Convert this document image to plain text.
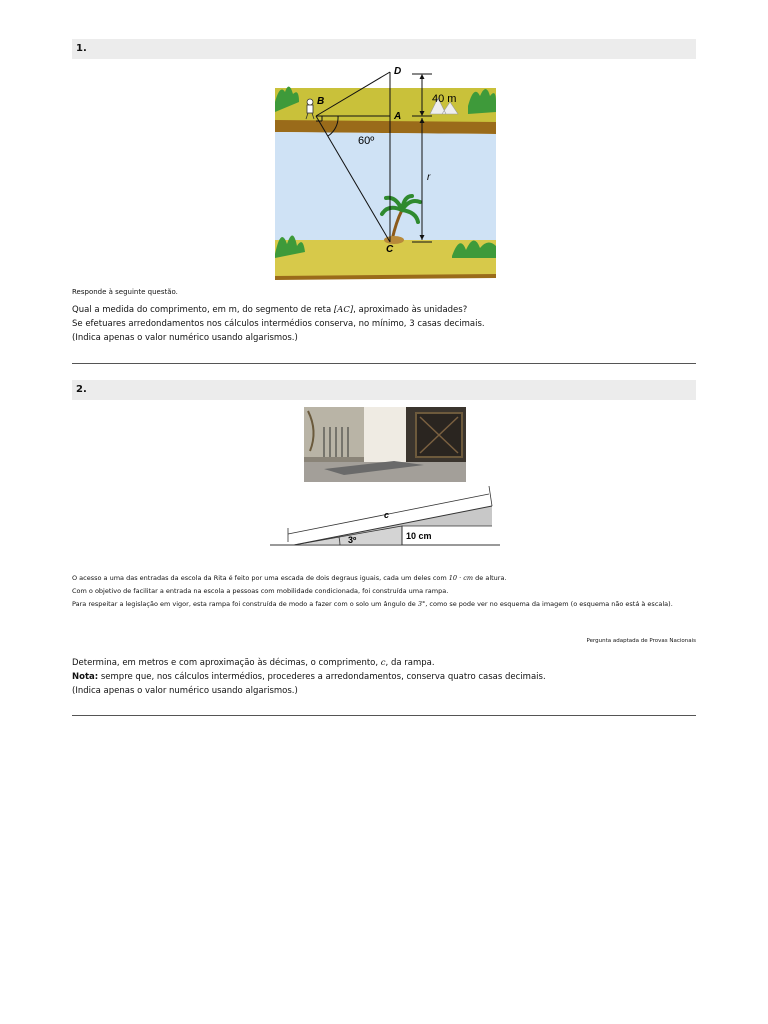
1.
D
B
A
C
60º
40 m
r
Responde à seguinte questão.

Qual a medida do comprimento, em m, do segmento de reta [AC], aproximado às unidades?

Se efetuares arredondamentos nos cálculos intermédios conserva, no mínimo, 3 casas decimais.

(Indica apenas o valor numérico usando algarismos.)

2.
c
3º	10 cm

O acesso a uma das entradas da escola da Rita é feito por uma escada de dois degraus iguais, cada um deles com 10 · cm de altura.

Com o objetivo de facilitar a entrada na escola a pessoas com mobilidade condicionada, foi construída uma rampa.

Para respeitar a legislação em vigor, esta rampa foi construída de modo a fazer com o solo um ângulo de 3°, como se pode ver no esquema da imagem (o esquema não está à escala).

Pergunta adaptada de Provas Nacionais

Determina, em metros e com aproximação às décimas, o comprimento, c, da rampa.

Nota: sempre que, nos cálculos intermédios, procederes a arredondamentos, conserva quatro casas decimais.

(Indica apenas o valor numérico usando algarismos.)
